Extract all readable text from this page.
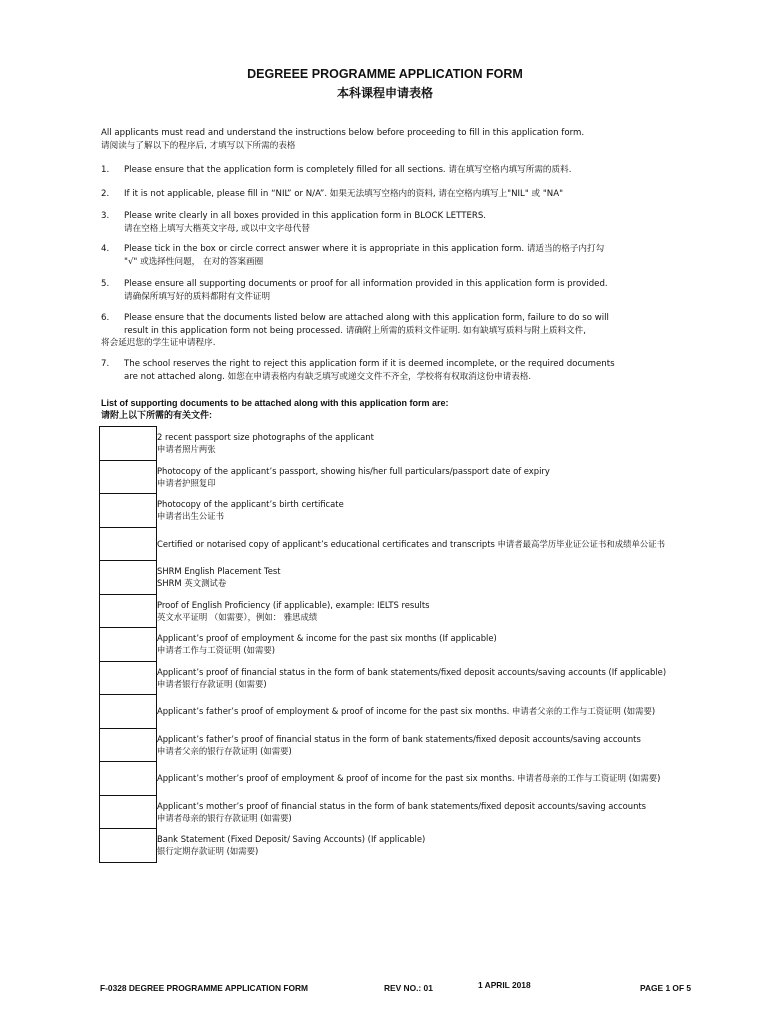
DEGREEE PROGRAMME APPLICATION FORM
本科课程申请表格
All applicants must read and understand the instructions below before proceeding to fill in this application form.
请阅读与了解以下的程序后, 才填写以下所需的表格
1.	Please ensure that the application form is completely filled for all sections. 请在填写空格内填写所需的质料.
2.	If it is not applicable, please fill in “NIL” or N/A”. 如果无法填写空格内的资料, 请在空格内填写上"NIL" 或 "NA"
3.	Please write clearly in all boxes provided in this application form in BLOCK LETTERS.
请在空格上填写大楷英文字母, 或以中文字母代替
4.	Please tick in the box or circle correct answer where it is appropriate in this application form. 请适当的格子内打勾
"√" 或选择性问题， 在对的答案画圈
5.	Please ensure all supporting documents or proof for all information provided in this application form is provided.
请确保所填写好的质料都附有文件证明
6.	Please ensure that the documents listed below are attached along with this application form, failure to do so will
result in this application form not being processed. 请确附上所需的质料文件证明. 如有缺填写质料与附上质料文件,
将会延迟您的学生证申请程序.
7.	The school reserves the right to reject this application form if it is deemed incomplete, or the required documents
are not attached along. 如您在申请表格内有缺乏填写或递交文件不齐全，学校将有权取消这份申请表格.
List of supporting documents to be attached along with this application form are:
请附上以下所需的有关文件:
2 recent passport size photographs of the applicant
申请者照片两张
Photocopy of the applicant’s passport, showing his/her full particulars/passport date of expiry
申请者护照复印
Photocopy of the applicant’s birth certificate
申请者出生公证书
Certified or notarised copy of applicant’s educational certificates and transcripts 申请者最高学历毕业证公证书和成绩单公证书
SHRM English Placement Test
SHRM 英文测试卷
Proof of English Proficiency (if applicable), example: IELTS results
英文水平证明 （如需要），例如： 雅思成绩
Applicant’s proof of employment & income for the past six months (If applicable)
申请者工作与工资证明 (如需要)
Applicant’s proof of financial status in the form of bank statements/fixed deposit accounts/saving accounts (If applicable)
申请者银行存款证明 (如需要)
Applicant’s father’s proof of employment & proof of income for the past six months. 申请者父亲的工作与工资证明 (如需要)
Applicant’s father’s proof of financial status in the form of bank statements/fixed deposit accounts/saving accounts
申请者父亲的银行存款证明 (如需要)
Applicant’s mother’s proof of employment & proof of income for the past six months. 申请者母亲的工作与工资证明 (如需要)
Applicant’s mother’s proof of financial status in the form of bank statements/fixed deposit accounts/saving accounts
申请者母亲的银行存款证明 (如需要)
Bank Statement (Fixed Deposit/ Saving Accounts) (If applicable)
银行定期存款证明 (如需要)
F-0328 DEGREE PROGRAMME APPLICATION FORM	REV NO.: 01	1 APRIL 2018	PAGE 1 OF 5
